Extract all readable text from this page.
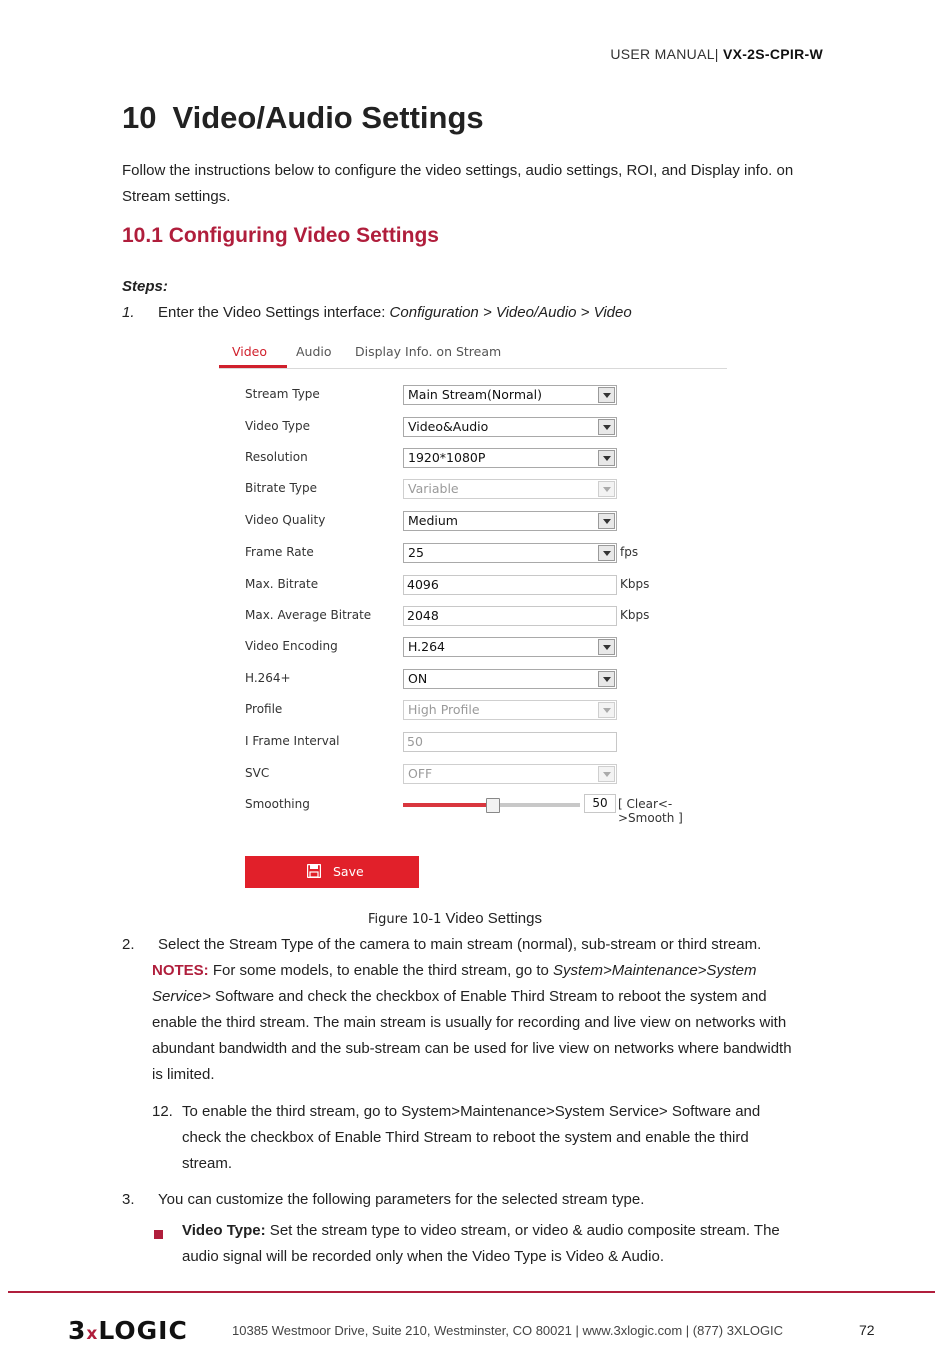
USER MANUAL| VX-2S-CPIR-W
10 Video/Audio Settings
Follow the instructions below to configure the video settings, audio settings, ROI, and Display info. on
Stream settings.
10.1 Configuring Video Settings
Steps:
1. Enter the Video Settings interface: Configuration > Video/Audio > Video
Video Audio Display Info. on Stream
Stream Type	Main Stream(Normal)
Video Type	Video&Audio
Resolution	1920*1080P
Bitrate Type	Variable
Video Quality	Medium
Frame Rate	25	fps
Max. Bitrate	4096	Kbps
Max. Average Bitrate	2048	Kbps
Video Encoding	H.264
H.264+	ON
Profile	High Profile
I Frame Interval	50
SVC	OFF
Smoothing	50 [ Clear<->Smooth ]
Save
Figure 10-1 Video Settings
2. Select the Stream Type of the camera to main stream (normal), sub-stream or third stream.
NOTES: For some models, to enable the third stream, go to System>Maintenance>System
Service> Software and check the checkbox of Enable Third Stream to reboot the system and
enable the third stream. The main stream is usually for recording and live view on networks with
abundant bandwidth and the sub-stream can be used for live view on networks where bandwidth
is limited.
12. To enable the third stream, go to System>Maintenance>System Service> Software and
check the checkbox of Enable Third Stream to reboot the system and enable the third
stream.
3. You can customize the following parameters for the selected stream type.
Video Type: Set the stream type to video stream, or video & audio composite stream. The
audio signal will be recorded only when the Video Type is Video & Audio.
3xLOGIC	10385 Westmoor Drive, Suite 210, Westminster, CO 80021 | www.3xlogic.com | (877) 3XLOGIC	72
